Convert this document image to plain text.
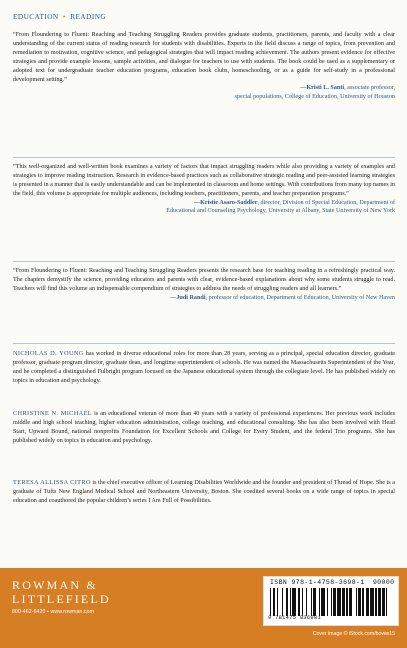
EDUCATION • READING
“From Floundering to Fluent: Reaching and Teaching Struggling Readers provides graduate students, practitioners, parents, and faculty with a clear understanding of the current status of reading research for students with disabilities. Experts in the field discuss a range of topics, from prevention and remediation to motivation, cognitive science, and pedagogical strategies that will impact reading achievement. The authors present evidence for effective strategies and provide example lessons, sample activities, and dialogue for teachers to use with students. The book could be used as a supplementary or adopted text for undergraduate teacher education programs, education book clubs, homeschooling, or as a guide for self-study in a professional development setting.”
—Kristi L. Santi, associate professor,
special populations, College of Education, University of Houston
“This well-organized and well-written book examines a variety of factors that impact struggling readers while also providing a variety of examples and strategies to improve reading instruction. Research in evidence-based practices such as collaborative strategic reading and peer-assisted learning strategies is presented in a manner that is easily understandable and can be implemented in classroom and home settings. With contributions from many top names in the field, this volume is appropriate for multiple audiences, including teachers, practitioners, parents, and teacher preparation programs.”
—Kristie Asaro-Saddler, director, Division of Special Education, Department of
Educational and Counseling Psychology, University at Albany, State University of New York
“From Floundering to Fluent: Reaching and Teaching Struggling Readers presents the research base for teaching reading in a refreshingly practical way. The chapters demystify the science, providing educators and parents with clear, evidence-based explanations about why some students struggle to read. Teachers will find this volume an indispensable compendium of strategies to address the needs of struggling readers and all learners.”
—Judi Randi, professor of education, Department of Education, University of New Haven
NICHOLAS D. YOUNG has worked in diverse educational roles for more than 28 years, serving as a principal, special education director, graduate professor, graduate program director, graduate dean, and longtime superintendent of schools. He was named the Massachusetts Superintendent of the Year, and he completed a distinguished Fulbright program focused on the Japanese educational system through the collegiate level. He has published widely on topics in education and psychology.
CHRISTINE N. MICHAEL is an educational veteran of more than 40 years with a variety of professional experiences. Her previous work includes middle and high school teaching, higher education administration, college teaching, and educational consulting. She has also been involved with Head Start, Upward Bound, national nonprofits Foundation for Excellent Schools and College for Every Student, and the federal Trio programs. She has published widely on topics in education and psychology.
TERESA ALLISSA CITRO is the chief executive officer of Learning Disabilities Worldwide and the founder and president of Thread of Hope. She is a graduate of Tufts New England Medical School and Northeastern University, Boston. She coedited several books on a wide range of topics in special education and coauthored the popular children’s series I Am Full of Possibilities.
ROWMAN &
LITTLEFIELD
800-462-6420 • www.rowman.com
ISBN 978-1-4758-3698-1 90000
9 781475 836981
Cover image © iStock.com/bowie15
